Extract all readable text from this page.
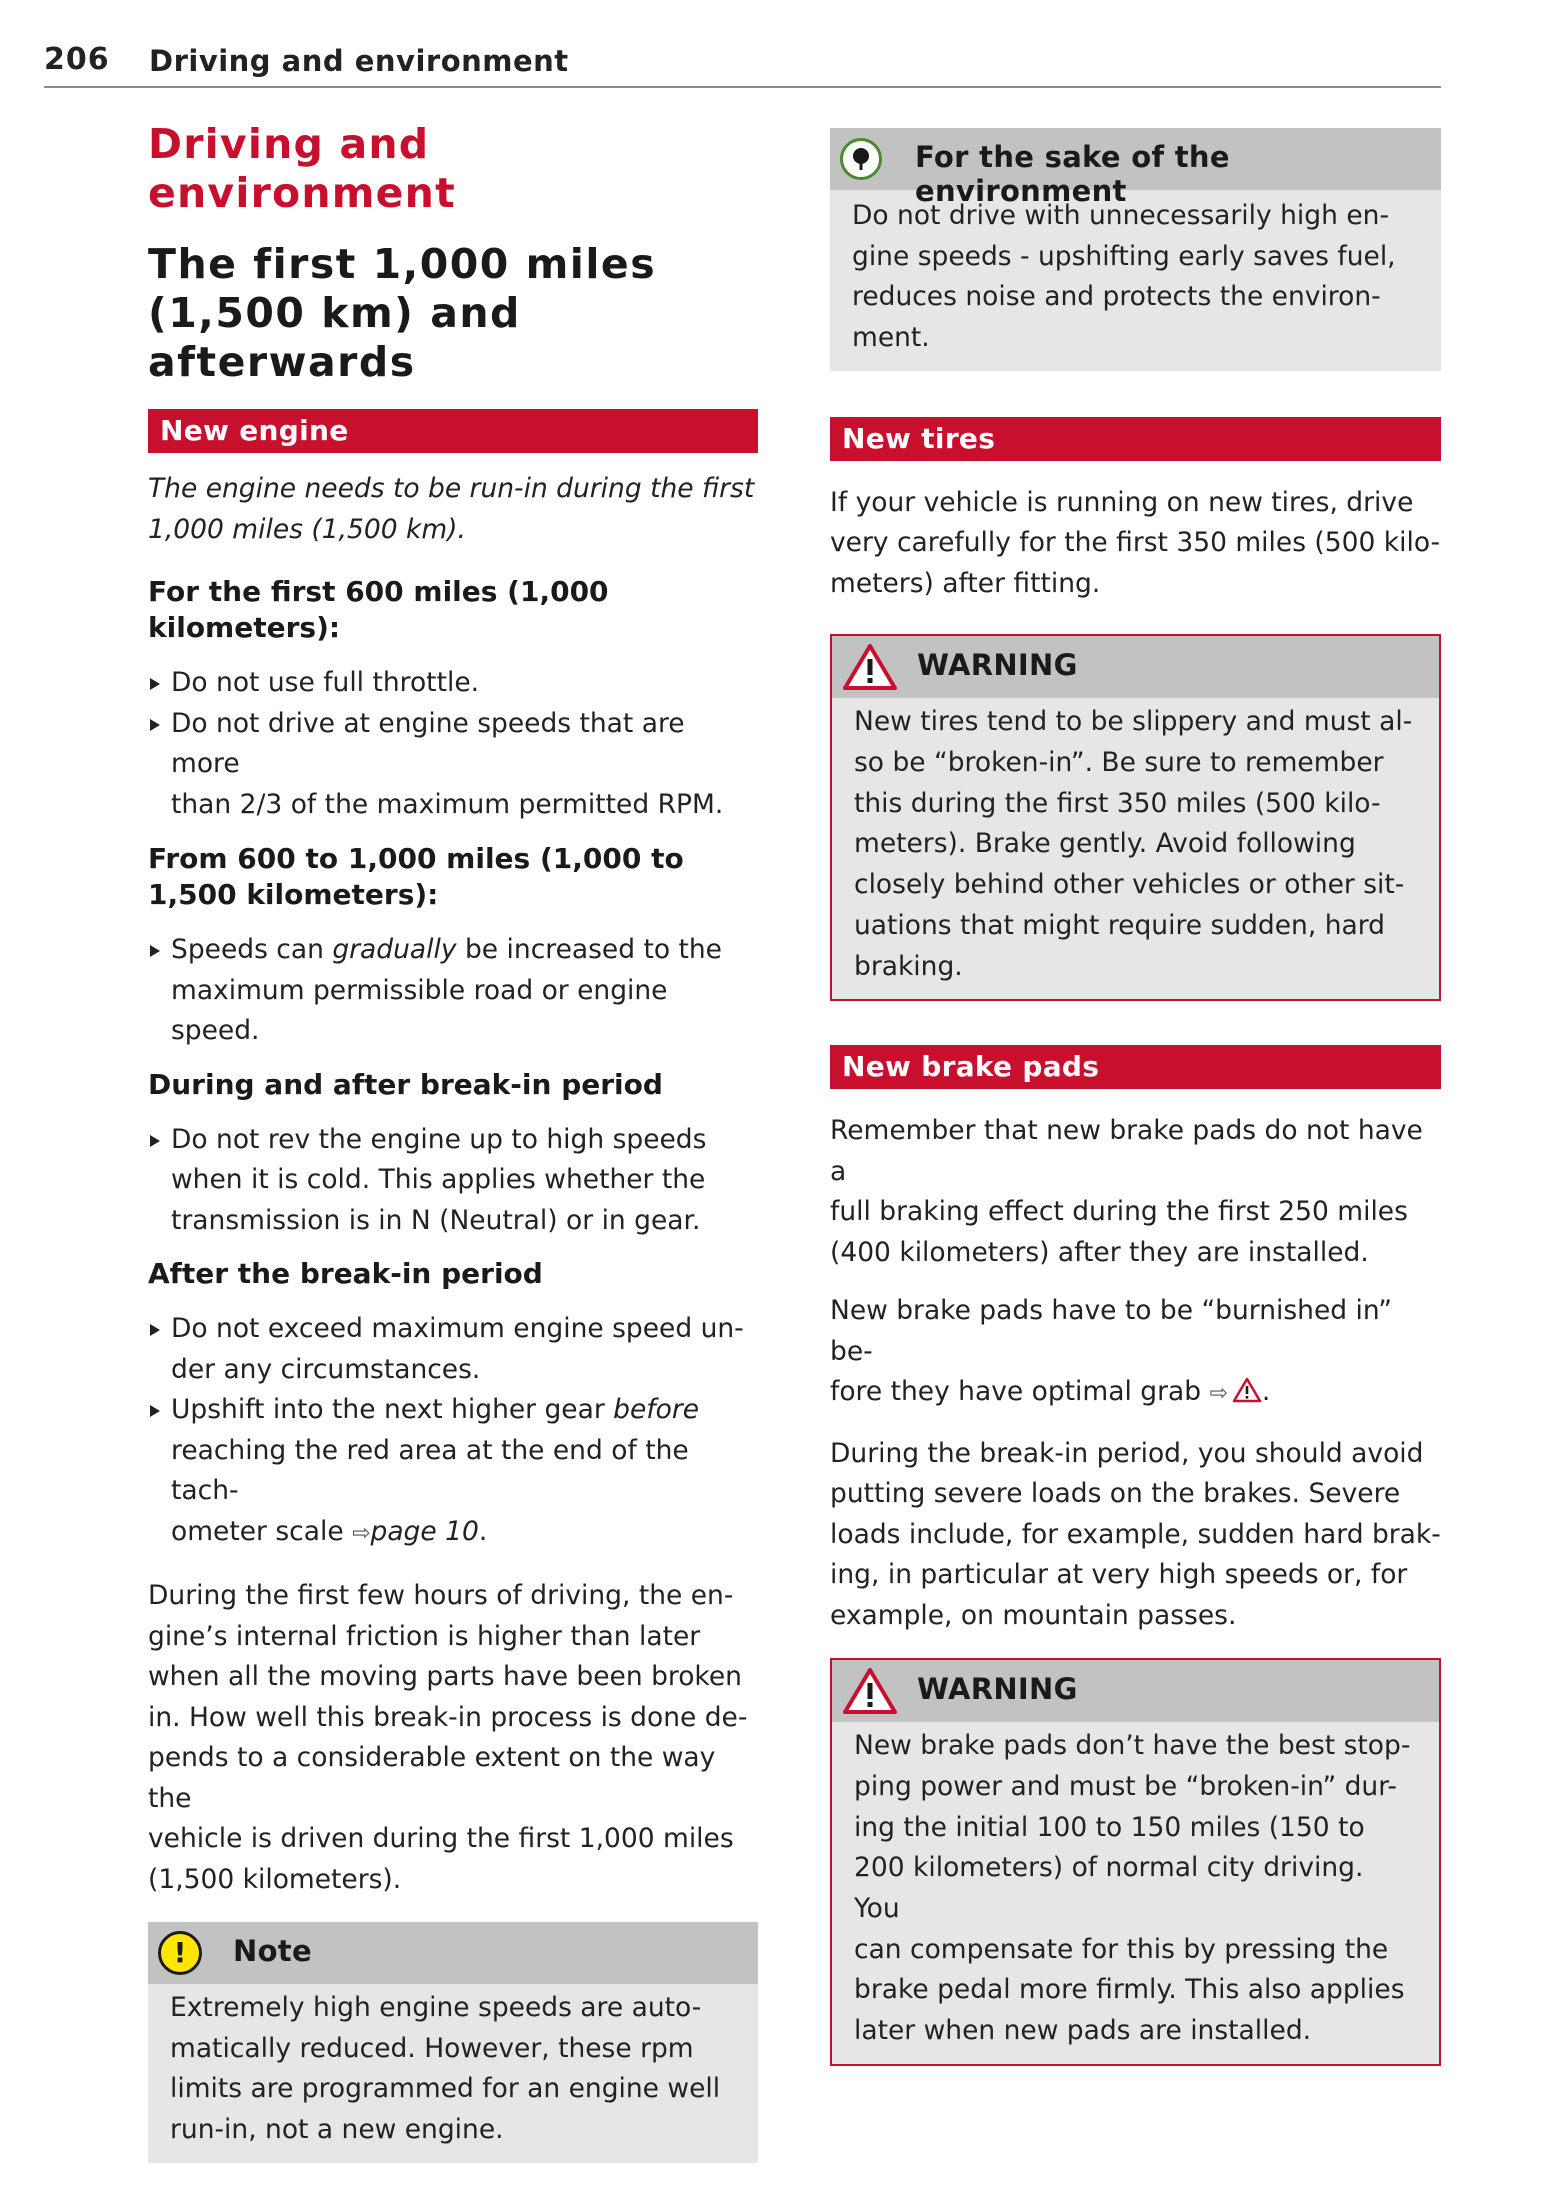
206 Driving and environment
Driving and
environment
The first 1,000 miles
(1,500 km) and
afterwards
New engine

The engine needs to be run-in during the first
1,000 miles (1,500 km).

For the first 600 miles (1,000
kilometers):

Do not use full throttle.
Do not drive at engine speeds that are more
than 2/3 of the maximum permitted RPM.

From 600 to 1,000 miles (1,000 to
1,500 kilometers):

Speeds can gradually be increased to the
maximum permissible road or engine speed.

During and after break-in period

Do not rev the engine up to high speeds
when it is cold. This applies whether the
transmission is in N (Neutral) or in gear.

After the break-in period

Do not exceed maximum engine speed un-
der any circumstances.
Upshift into the next higher gear before
reaching the red area at the end of the tach-
ometer scale ⇨page 10.

During the first few hours of driving, the en-
gine’s internal friction is higher than later
when all the moving parts have been broken
in. How well this break-in process is done de-
pends to a considerable extent on the way the
vehicle is driven during the first 1,000 miles
(1,500 kilometers).

!	Note

Extremely high engine speeds are auto-
matically reduced. However, these rpm
limits are programmed for an engine well
run-in, not a new engine.

For the sake of the environment

Do not drive with unnecessarily high en-
gine speeds - upshifting early saves fuel,
reduces noise and protects the environ-
ment.

New tires

If your vehicle is running on new tires, drive
very carefully for the first 350 miles (500 kilo-
meters) after fitting.

WARNING

New tires tend to be slippery and must al-
so be “broken-in”. Be sure to remember
this during the first 350 miles (500 kilo-
meters). Brake gently. Avoid following
closely behind other vehicles or other sit-
uations that might require sudden, hard
braking.

New brake pads

Remember that new brake pads do not have a
full braking effect during the first 250 miles
(400 kilometers) after they are installed.

New brake pads have to be “burnished in” be-
fore they have optimal grab ⇨ .

During the break-in period, you should avoid
putting severe loads on the brakes. Severe
loads include, for example, sudden hard brak-
ing, in particular at very high speeds or, for
example, on mountain passes.

WARNING

New brake pads don’t have the best stop-
ping power and must be “broken-in” dur-
ing the initial 100 to 150 miles (150 to
200 kilometers) of normal city driving. You
can compensate for this by pressing the
brake pedal more firmly. This also applies
later when new pads are installed.
